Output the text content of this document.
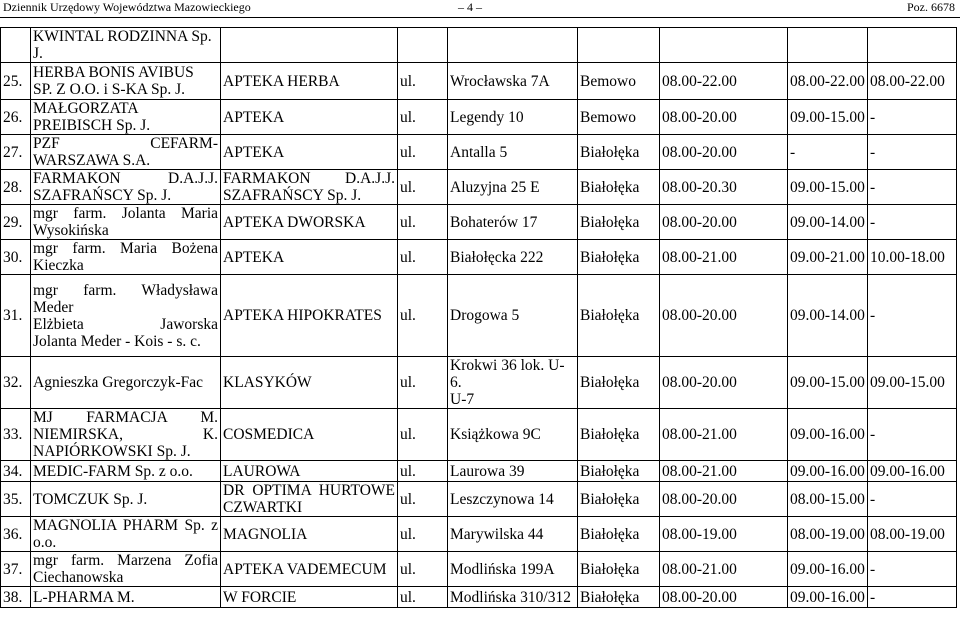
Dziennik Urzędowy Województwa Mazowieckiego	– 4 –	Poz. 6678

	KWINTAL RODZINNA Sp.
J.							

25.	HERBA BONIS AVIBUS
SP. Z O.O. i S-KA Sp. J.	APTEKA HERBA	ul.	Wrocławska 7A	Bemowo	08.00-22.00	08.00-22.00	08.00-22.00
26.	MAŁGORZATA
PREIBISCH Sp. J.	APTEKA	ul.	Legendy 10	Bemowo	08.00-20.00	09.00-15.00	-
27.	PZF CEFARM-
WARSZAWA S.A.	APTEKA	ul.	Antalla 5	Białołęka	08.00-20.00	-	-
28.	FARMAKON D.A.J.J.
SZAFRAŃSCY Sp. J.	FARMAKON D.A.J.J.
SZAFRAŃSCY Sp. J.	ul.	Aluzyjna 25 E	Białołęka	08.00-20.30	09.00-15.00	-
29.	mgr farm. Jolanta Maria
Wysokińska	APTEKA DWORSKA	ul.	Bohaterów 17	Białołęka	08.00-20.00	09.00-14.00	-
30.	mgr farm. Maria Bożena
Kieczka	APTEKA	ul.	Białołęcka 222	Białołęka	08.00-21.00	09.00-21.00	10.00-18.00
31.	mgr farm. Władysława
Meder
Elżbieta Jaworska
Jolanta Meder - Kois - s. c.	APTEKA HIPOKRATES	ul.	Drogowa 5	Białołęka	08.00-20.00	09.00-14.00	-
32.	Agnieszka Gregorczyk-Fac	KLASYKÓW	ul.	Krokwi 36 lok. U-6.
U-7	Białołęka	08.00-20.00	09.00-15.00	09.00-15.00
33.	MJ FARMACJA M.
NIEMIRSKA, K.
NAPIÓRKOWSKI Sp. J.	COSMEDICA	ul.	Książkowa 9C	Białołęka	08.00-21.00	09.00-16.00	-
34.	MEDIC-FARM Sp. z o.o.	LAUROWA	ul.	Laurowa 39	Białołęka	08.00-21.00	09.00-16.00	09.00-16.00
35.	TOMCZUK Sp. J.	DR OPTIMA HURTOWE
CZWARTKI	ul.	Leszczynowa 14	Białołęka	08.00-20.00	08.00-15.00	-
36.	MAGNOLIA PHARM Sp. z
o.o.	MAGNOLIA	ul.	Marywilska 44	Białołęka	08.00-19.00	08.00-19.00	08.00-19.00
37.	mgr farm. Marzena Zofia
Ciechanowska	APTEKA VADEMECUM	ul.	Modlińska 199A	Białołęka	08.00-21.00	09.00-16.00	-
38.	L-PHARMA M.	W FORCIE	ul.	Modlińska 310/312	Białołęka	08.00-20.00	09.00-16.00	-
